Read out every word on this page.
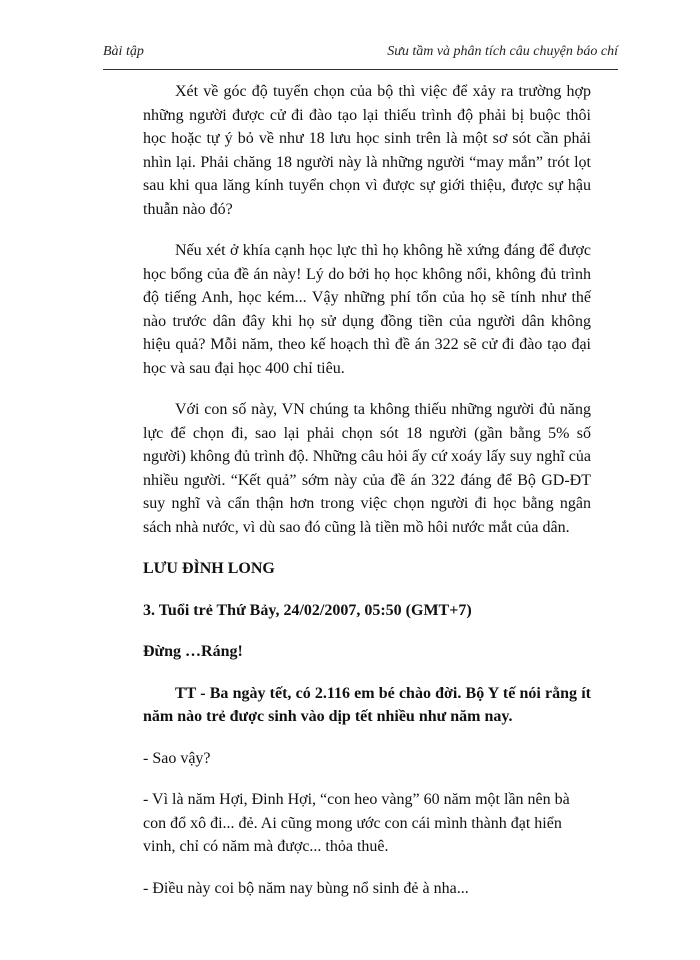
Bài tập	Sưu tầm và phân tích câu chuyện báo chí

Xét về góc độ tuyển chọn của bộ thì việc để xảy ra trường hợp những người được cử đi đào tạo lại thiếu trình độ phải bị buộc thôi học hoặc tự ý bỏ về như 18 lưu học sinh trên là một sơ sót cần phải nhìn lại. Phải chăng 18 người này là những người “may mắn” trót lọt sau khi qua lăng kính tuyển chọn vì được sự giới thiệu, được sự hậu thuẫn nào đó?

Nếu xét ở khía cạnh học lực thì họ không hề xứng đáng để được học bổng của đề án này! Lý do bởi họ học không nổi, không đủ trình độ tiếng Anh, học kém... Vậy những phí tổn của họ sẽ tính như thế nào trước dân đây khi họ sử dụng đồng tiền của người dân không hiệu quả? Mỗi năm, theo kế hoạch thì đề án 322 sẽ cử đi đào tạo đại học và sau đại học 400 chỉ tiêu.

Với con số này, VN chúng ta không thiếu những người đủ năng lực để chọn đi, sao lại phải chọn sót 18 người (gần bằng 5% số người) không đủ trình độ. Những câu hỏi ấy cứ xoáy lấy suy nghĩ của nhiều người. “Kết quả” sớm này của đề án 322 đáng để Bộ GD-ĐT suy nghĩ và cẩn thận hơn trong việc chọn người đi học bằng ngân sách nhà nước, vì dù sao đó cũng là tiền mồ hôi nước mắt của dân.

LƯU ĐÌNH LONG

3. Tuổi trẻ Thứ Bảy, 24/02/2007, 05:50 (GMT+7)

Đừng …Ráng!

TT - Ba ngày tết, có 2.116 em bé chào đời. Bộ Y tế nói rằng ít năm nào trẻ được sinh vào dịp tết nhiều như năm nay.

- Sao vậy?

- Vì là năm Hợi, Đinh Hợi, “con heo vàng” 60 năm một lần nên bà con đổ xô đi... đẻ. Ai cũng mong ước con cái mình thành đạt hiển vinh, chỉ có năm mà được... thỏa thuê.

- Điều này coi bộ năm nay bùng nổ sinh đẻ à nha...
